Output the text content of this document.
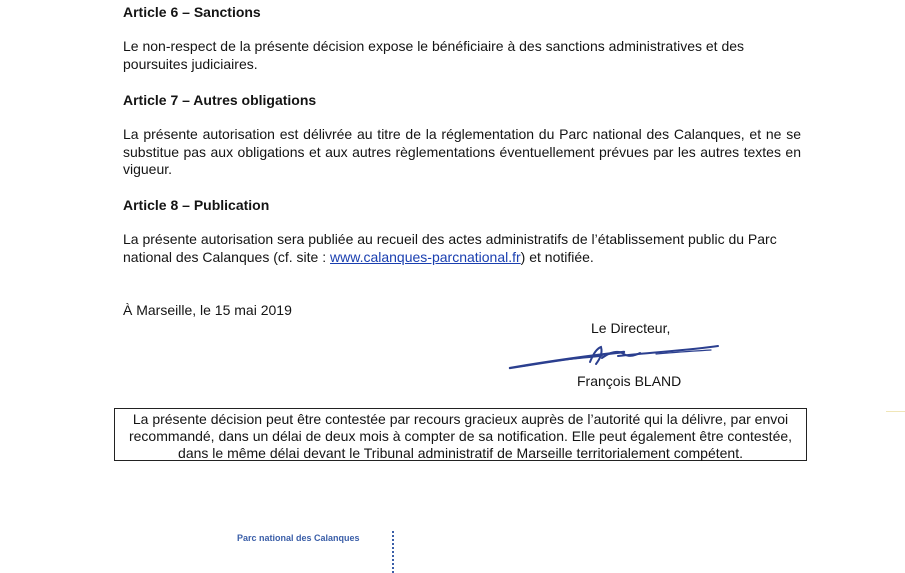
Article 6 – Sanctions
Le non-respect de la présente décision expose le bénéficiaire à des sanctions administratives et des poursuites judiciaires.
Article 7 – Autres obligations
La présente autorisation est délivrée au titre de la réglementation du Parc national des Calanques, et ne se substitue pas aux obligations et aux autres règlementations éventuellement prévues par les autres textes en vigueur.
Article 8 – Publication
La présente autorisation sera publiée au recueil des actes administratifs de l’établissement public du Parc national des Calanques (cf. site : www.calanques-parcnational.fr) et notifiée.
À Marseille, le 15 mai 2019
Le Directeur,
François BLAND
La présente décision peut être contestée par recours gracieux auprès de l’autorité qui la délivre, par envoi recommandé, dans un délai de deux mois à compter de sa notification. Elle peut également être contestée, dans le même délai devant le Tribunal administratif de Marseille territorialement compétent.
Parc national des Calanques
